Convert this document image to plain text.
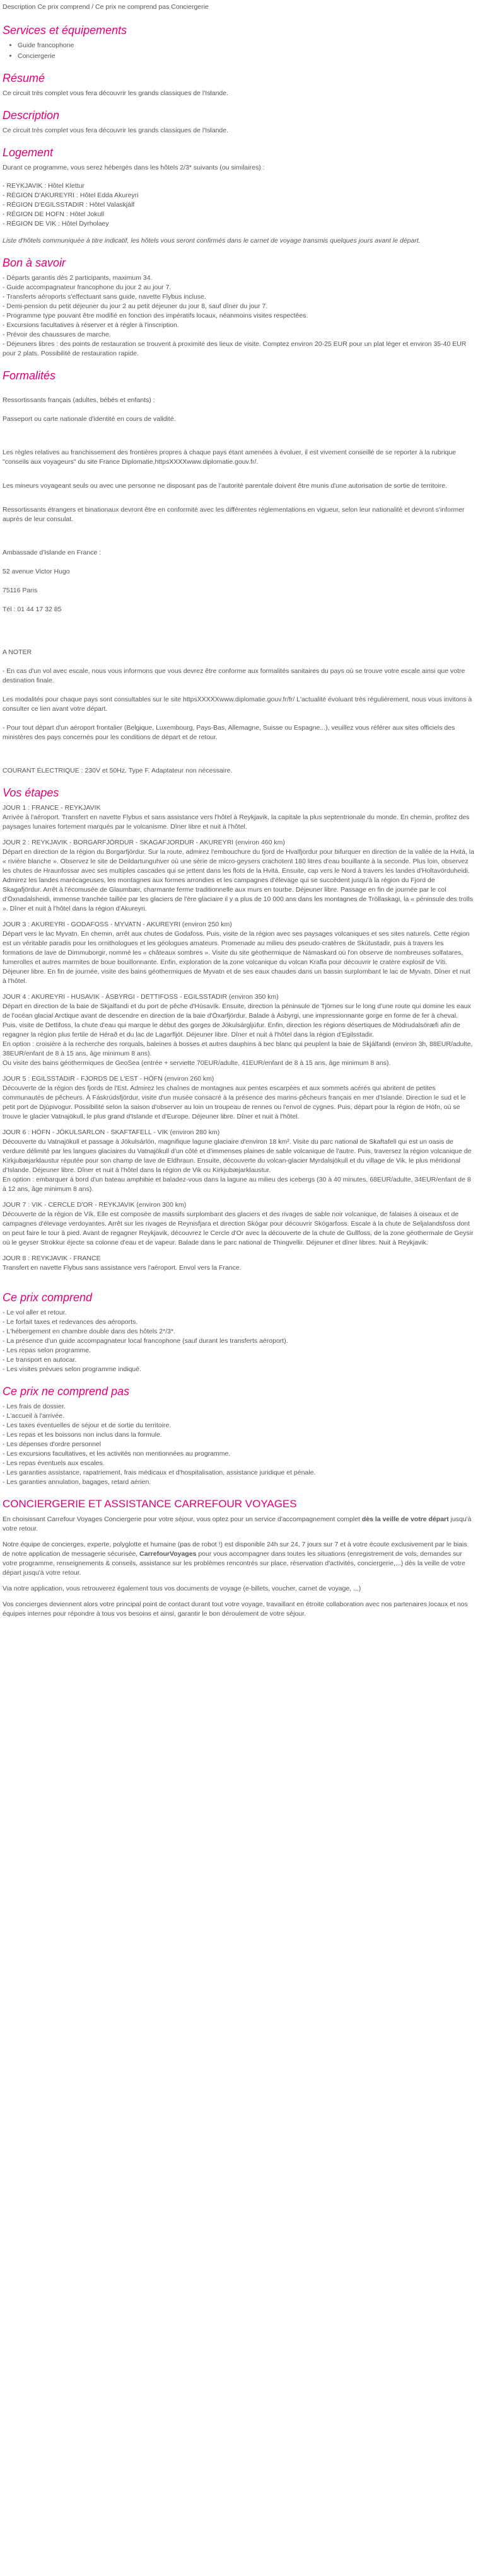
Description Ce prix comprend / Ce prix ne comprend pas Conciergerie
Services et équipements
• Guide francophone
• Conciergerie
Résumé

Ce circuit très complet vous fera découvrir les grands classiques de l'Islande.

Description

Ce circuit très complet vous fera découvrir les grands classiques de l'Islande.

Logement

Durant ce programme, vous serez hébergés dans les hôtels 2/3* suivants (ou similaires) :

- REYKJAVIK : Hôtel Klettur
- RÉGION D'AKUREYRI : Hôtel Edda Akureyri
- RÉGION D'EGILSSTADIR : Hôtel Valaskjálf
- RÉGION DE HOFN : Hôtel Jokull
- RÉGION DE VIK : Hôtel Dyrholaey

Liste d'hôtels communiquée à titre indicatif, les hôtels vous seront confirmés dans le carnet de voyage transmis quelques jours avant le départ.

Bon à savoir
- Départs garantis dès 2 participants, maximum 34.
- Guide accompagnateur francophone du jour 2 au jour 7.
- Transferts aéroports s'effectuant sans guide, navette Flybus incluse.
- Demi-pension du petit déjeuner du jour 2 au petit déjeuner du jour 8, sauf dîner du jour 7.
- Programme type pouvant être modifié en fonction des impératifs locaux, néanmoins visites respectées.
- Excursions facultatives à réserver et à régler à l'inscription.
- Prévoir des chaussures de marche.
- Déjeuners libres : des points de restauration se trouvent à proximité des lieux de visite. Comptez environ 20-25 EUR pour un plat léger et environ 35-40 EUR pour 2 plats. Possibilité de restauration rapide.
Formalités

Ressortissants français (adultes, bébés et enfants) :

Passeport ou carte nationale d'identité en cours de validité.

Les règles relatives au franchissement des frontières propres à chaque pays étant amenées à évoluer, il est vivement conseillé de se reporter à la rubrique "conseils aux voyageurs" du site France Diplomatie,httpsXXXXwww.diplomatie.gouv.fr/.

Les mineurs voyageant seuls ou avec une personne ne disposant pas de l'autorité parentale doivent être munis d'une autorisation de sortie de territoire.

Ressortissants étrangers et binationaux devront être en conformité avec les différentes réglementations en vigueur, selon leur nationalité et devront s'informer auprès de leur consulat.

Ambassade d'Islande en France :

52 avenue Victor Hugo

75116 Paris

Tél : 01 44 17 32 85

A NOTER

- En cas d'un vol avec escale, nous vous informons que vous devrez être conforme aux formalités sanitaires du pays où se trouve votre escale ainsi que votre destination finale.

Les modalités pour chaque pays sont consultables sur le site httpsXXXXXwww.diplomatie.gouv.fr/fr/ L'actualité évoluant très régulièrement, nous vous invitons à consulter ce lien avant votre départ.

- Pour tout départ d'un aéroport frontalier (Belgique, Luxembourg, Pays-Bas, Allemagne, Suisse ou Espagne...), veuillez vous référer aux sites officiels des ministères des pays concernés pour les conditions de départ et de retour.

COURANT ÉLECTRIQUE : 230V et 50Hz. Type F. Adaptateur non nécessaire.

Vos étapes
JOUR 1 : FRANCE - REYKJAVIK

Arrivée à l'aéroport. Transfert en navette Flybus et sans assistance vers l'hôtel à Reykjavik, la capitale la plus septentrionale du monde. En chemin, profitez des paysages lunaires fortement marqués par le volcanisme. Dîner libre et nuit à l'hôtel.

JOUR 2 : REYKJAVIK - BORGARFJÖRDUR - SKAGAFJORDUR - AKUREYRI (environ 460 km)

Départ en direction de la région du Borgarfjördur. Sur la route, admirez l'embouchure du fjord de Hvalfjordur pour bifurquer en direction de la vallée de la Hvitá, la « rivière blanche ». Observez le site de Deildartunguhver où une série de micro-geysers crachotent 180 litres d'eau bouillante à la seconde. Plus loin, observez les chutes de Hraunfossar avec ses multiples cascades qui se jettent dans les flots de la Hvitá. Ensuite, cap vers le Nord à travers les landes d'Holtavörduheidi. Admirez les landes marécageuses, les montagnes aux formes arrondies et les campagnes d'élevage qui se succèdent jusqu'à la région du Fjord de Skagafjördur. Arrêt à l'écomusée de Glaumbær, charmante ferme traditionnelle aux murs en tourbe. Déjeuner libre. Passage en fin de journée par le col d'Öxnadalsheidi, immense tranchée taillée par les glaciers de l'ère glaciaire il y a plus de 10 000 ans dans les montagnes de Tröllaskagi, la « péninsule des trolls ». Dîner et nuit à l'hôtel dans la région d'Akureyri.

JOUR 3 : AKUREYRI - GODAFOSS - MYVATN - AKUREYRI (environ 250 km)

Départ vers le lac Myvatn. En chemin, arrêt aux chutes de Godafoss. Puis, visite de la région avec ses paysages volcaniques et ses sites naturels. Cette région est un véritable paradis pour les ornithologues et les géologues amateurs. Promenade au milieu des pseudo-cratères de Skútustadir, puis à travers les formations de lave de Dimmuborgir, nommé les « châteaux sombres ». Visite du site géothermique de Námaskard où l'on observe de nombreuses solfatares, fumerolles et autres marmites de boue bouillonnante. Enfin, exploration de la zone volcanique du volcan Krafla pour découvrir le cratère explosif de Víti. Déjeuner libre. En fin de journée, visite des bains géothermiques de Myvatn et de ses eaux chaudes dans un bassin surplombant le lac de Myvatn. Dîner et nuit à l'hôtel.

JOUR 4 : AKUREYRI - HUSAVIK - ÁSBYRGI - DETTIFOSS - EGILSSTADIR (environ 350 km)

Départ en direction de la baie de Skjalfandi et du port de pêche d'Húsavík. Ensuite, direction la péninsule de Tjörnes sur le long d'une route qui domine les eaux de l'océan glacial Arctique avant de descendre en direction de la baie d'Öxarfjördur. Balade à Ásbyrgi, une impressionnante gorge en forme de fer à cheval.
Puis, visite de Dettifoss, la chute d'eau qui marque le début des gorges de Jökulsárgljúfur. Enfin, direction les régions désertiques de Mödrudalsöræfi afin de regagner la région plus fertile de Hérað et du lac de Lagarfljót. Déjeuner libre. Dîner et nuit à l'hôtel dans la région d'Egilsstadir.
En option : croisière à la recherche des rorquals, baleines à bosses et autres dauphins à bec blanc qui peuplent la baie de Skjálfandi (environ 3h, 88EUR/adulte, 38EUR/enfant de 8 à 15 ans, âge minimum 8 ans).
Ou visite des bains géothermiques de GeoSea (entrée + serviette 70EUR/adulte, 41EUR/enfant de 8 à 15 ans, âge minimum 8 ans).

JOUR 5 : EGILSSTADIR - FJORDS DE L'EST - HÖFN (environ 260 km)

Découverte de la région des fjords de l'Est. Admirez les chaînes de montagnes aux pentes escarpées et aux sommets acérés qui abritent de petites communautés de pêcheurs. À Fáskrúdsfjördur, visite d'un musée consacré à la présence des marins-pêcheurs français en mer d'Islande. Direction le sud et le petit port de Djúpivogur. Possibilité selon la saison d'observer au loin un troupeau de rennes ou l'envol de cygnes. Puis, départ pour la région de Höfn, où se trouve le glacier Vatnajökull, le plus grand d'Islande et d'Europe. Déjeuner libre. Dîner et nuit à l'hôtel.

JOUR 6 : HÖFN - JÖKULSARLON - SKAFTAFELL - VIK (environ 280 km)

Découverte du Vatnajökull et passage à Jökulsárlón, magnifique lagune glaciaire d'environ 18 km². Visite du parc national de Skaftafell qui est un oasis de verdure délimité par les langues glaciaires du Vatnajökull d'un côté et d'immenses plaines de sable volcanique de l'autre. Puis, traversez la région volcanique de Kirkjubæjarklaustur réputée pour son champ de lave de Eldhraun. Ensuite, découverte du volcan-glacier Myrdalsjökull et du village de Vik, le plus méridional d'Islande. Déjeuner libre. Dîner et nuit à l'hôtel dans la région de Vik ou Kirkjubæjarklaustur.
En option : embarquer à bord d'un bateau amphibie et baladez-vous dans la lagune au milieu des icebergs (30 à 40 minutes, 68EUR/adulte, 34EUR/enfant de 8 à 12 ans, âge minimum 8 ans).

JOUR 7 : VIK - CERCLE D'OR - REYKJAVIK (environ 300 km)

Découverte de la région de Vík. Elle est composée de massifs surplombant des glaciers et des rivages de sable noir volcanique, de falaises à oiseaux et de campagnes d'élevage verdoyantes. Arrêt sur les rivages de Reynisfjara et direction Skógar pour découvrir Skógarfoss. Escale à la chute de Seljalandsfoss dont on peut faire le tour à pied. Avant de regagner Reykjavik, découvrez le Cercle d'Or avec la découverte de la chute de Gullfoss, de la zone géothermale de Geysir où le geyser Strokkur éjecte sa colonne d'eau et de vapeur. Balade dans le parc national de Thingvellir. Déjeuner et dîner libres. Nuit à Reykjavik.

JOUR 8 : REYKJAVIK - FRANCE

Transfert en navette Flybus sans assistance vers l'aéroport. Envol vers la France.

Ce prix comprend
- Le vol aller et retour.
- Le forfait taxes et redevances des aéroports.
- L'hébergement en chambre double dans des hôtels 2*/3*.
- La présence d'un guide accompagnateur local francophone (sauf durant les transferts aéroport).
- Les repas selon programme.
- Le transport en autocar.
- Les visites prévues selon programme indiqué.
Ce prix ne comprend pas
- Les frais de dossier.
- L'accueil à l'arrivée.
- Les taxes éventuelles de séjour et de sortie du territoire.
- Les repas et les boissons non inclus dans la formule.
- Les dépenses d'ordre personnel
- Les excursions facultatives, et les activités non mentionnées au programme.
- Les repas éventuels aux escales.
- Les garanties assistance, rapatriement, frais médicaux et d'hospitalisation, assistance juridique et pénale.
- Les garanties annulation, bagages, retard aérien.
CONCIERGERIE ET ASSISTANCE CARREFOUR VOYAGES

En choisissant Carrefour Voyages Conciergerie pour votre séjour, vous optez pour un service d'accompagnement complet dès la veille de votre départ jusqu'à votre retour.

Notre équipe de concierges, experte, polyglotte et humaine (pas de robot !) est disponible 24h sur 24, 7 jours sur 7 et à votre écoute exclusivement par le biais de notre application de messagerie sécurisée, CarrefourVoyages pour vous accompagner dans toutes les situations (enregistrement de vols, demandes sur votre programme, renseignements & conseils, assistance sur les problèmes rencontrés sur place, réservation d'activités, conciergerie,...) dès la veille de votre départ jusqu'à votre retour.

Via notre application, vous retrouverez également tous vos documents de voyage (e-billets, voucher, carnet de voyage, ...)

Vos concierges deviennent alors votre principal point de contact durant tout votre voyage, travaillant en étroite collaboration avec nos partenaires locaux et nos équipes internes pour répondre à tous vos besoins et ainsi, garantir le bon déroulement de votre séjour.
